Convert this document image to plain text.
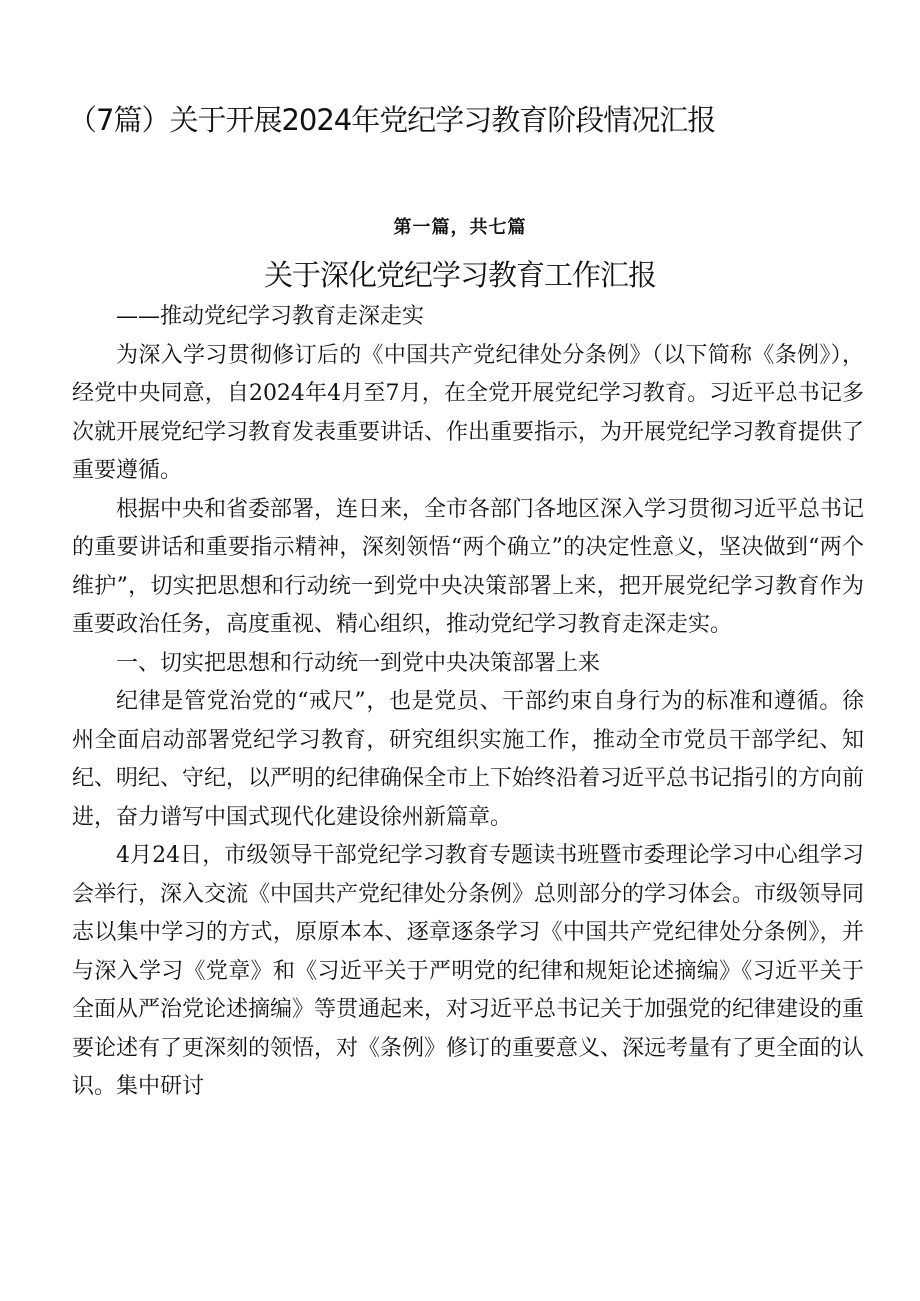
（7篇）关于开展2024年党纪学习教育阶段情况汇报
第一篇，共七篇
关于深化党纪学习教育工作汇报

——推动党纪学习教育走深走实

为深入学习贯彻修订后的《中国共产党纪律处分条例》（以下简称《条例》），经党中央同意，自2024年4月至7月，在全党开展党纪学习教育。习近平总书记多次就开展党纪学习教育发表重要讲话、作出重要指示，为开展党纪学习教育提供了重要遵循。

根据中央和省委部署，连日来，全市各部门各地区深入学习贯彻习近平总书记的重要讲话和重要指示精神，深刻领悟“两个确立”的决定性意义，坚决做到“两个维护”，切实把思想和行动统一到党中央决策部署上来，把开展党纪学习教育作为重要政治任务，高度重视、精心组织，推动党纪学习教育走深走实。

一、切实把思想和行动统一到党中央决策部署上来

纪律是管党治党的“戒尺”，也是党员、干部约束自身行为的标准和遵循。徐州全面启动部署党纪学习教育，研究组织实施工作，推动全市党员干部学纪、知纪、明纪、守纪，以严明的纪律确保全市上下始终沿着习近平总书记指引的方向前进，奋力谱写中国式现代化建设徐州新篇章。

4月24日，市级领导干部党纪学习教育专题读书班暨市委理论学习中心组学习会举行，深入交流《中国共产党纪律处分条例》总则部分的学习体会。市级领导同志以集中学习的方式，原原本本、逐章逐条学习《中国共产党纪律处分条例》，并与深入学习《党章》和《习近平关于严明党的纪律和规矩论述摘编》《习近平关于全面从严治党论述摘编》等贯通起来，对习近平总书记关于加强党的纪律建设的重要论述有了更深刻的领悟，对《条例》修订的重要意义、深远考量有了更全面的认识。集中研讨
